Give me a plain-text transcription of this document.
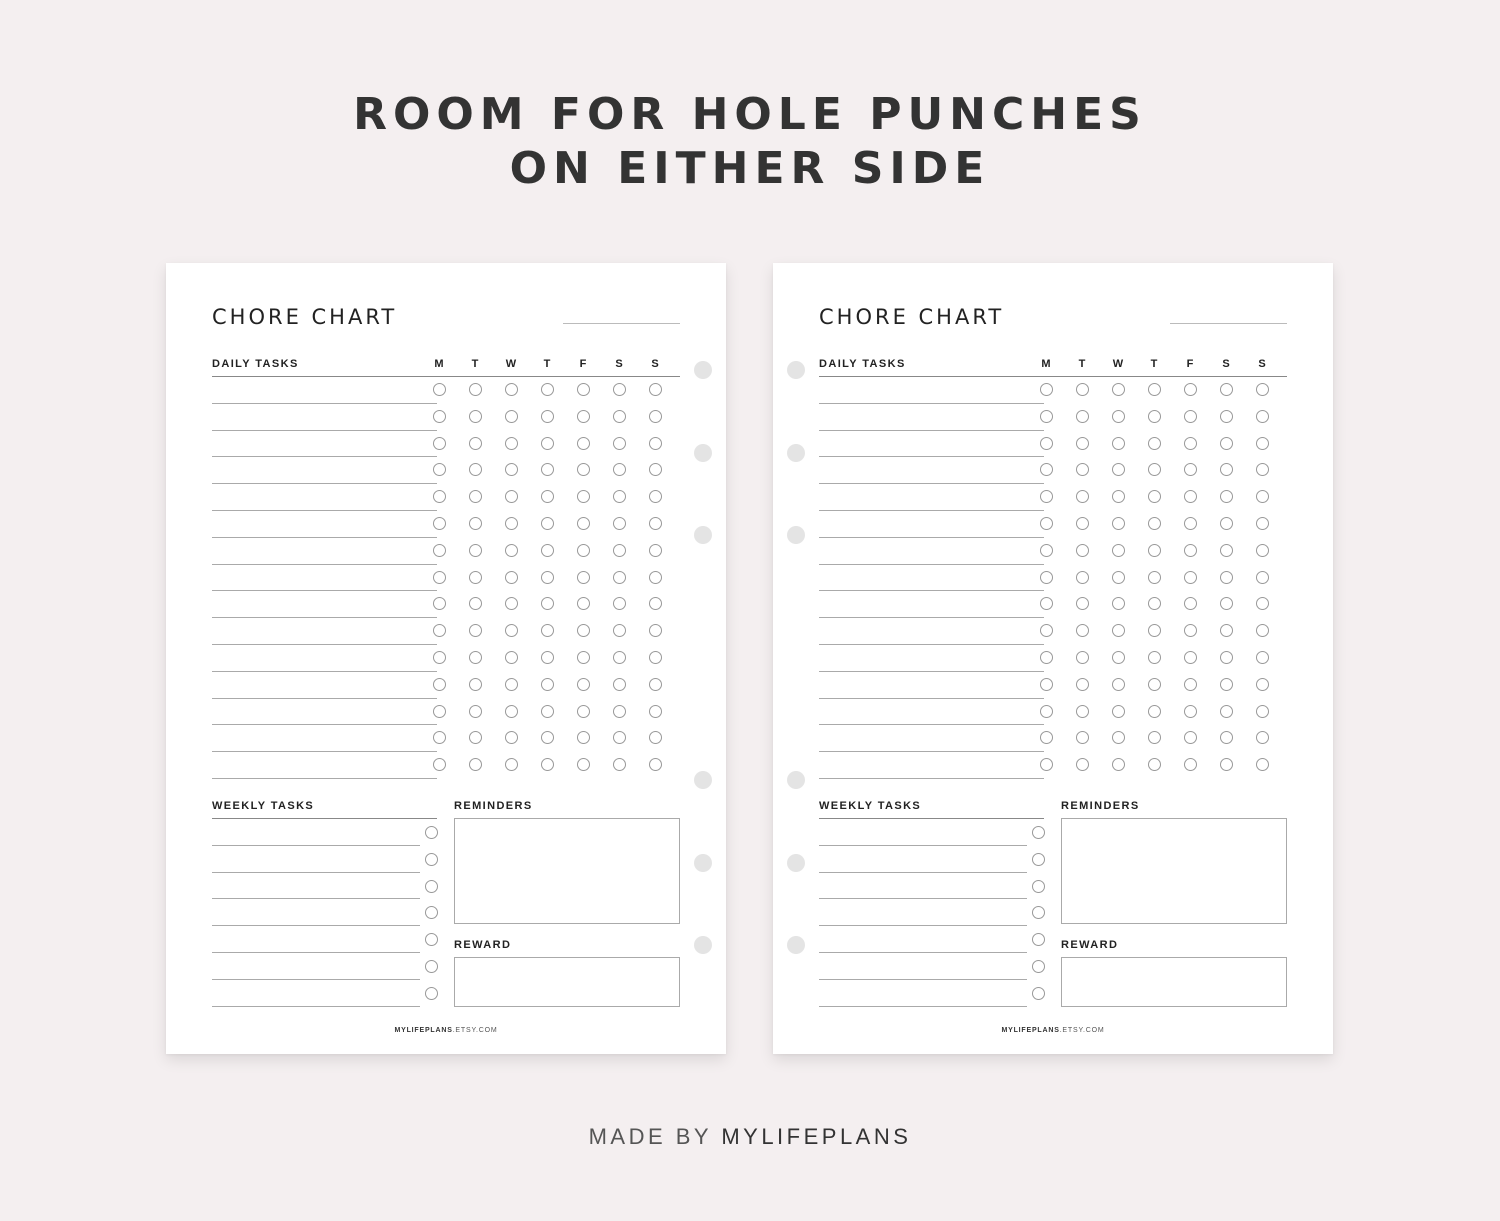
ROOM FOR HOLE PUNCHES
ON EITHER SIDE
CHORE CHART
DAILY TASKS	M	T	W	T	F	S	S
WEEKLY TASKS	REMINDERS
REWARD
MYLIFEPLANS.ETSY.COM
CHORE CHART
DAILY TASKS	M	T	W	T	F	S	S
WEEKLY TASKS	REMINDERS
REWARD
MYLIFEPLANS.ETSY.COM
MADE BY MYLIFEPLANS
